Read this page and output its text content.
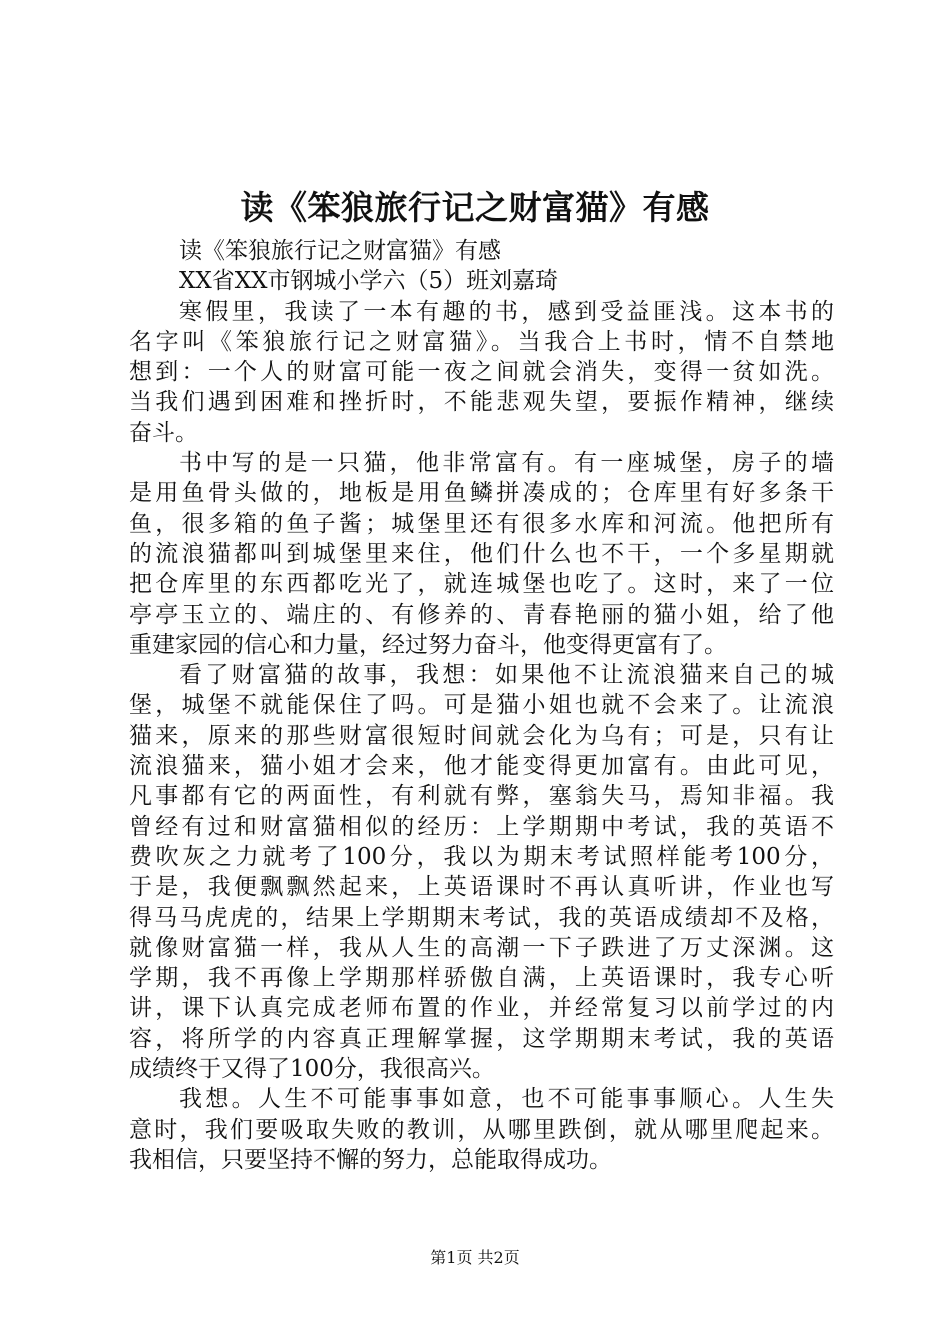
读《笨狼旅行记之财富猫》有感
读《笨狼旅行记之财富猫》有感
XX省XX市钢城小学六（5）班刘嘉琦
寒假里，我读了一本有趣的书，感到受益匪浅。这本书的
名字叫《笨狼旅行记之财富猫》。当我合上书时，情不自禁地
想到：一个人的财富可能一夜之间就会消失，变得一贫如洗。
当我们遇到困难和挫折时，不能悲观失望，要振作精神，继续
奋斗。
书中写的是一只猫，他非常富有。有一座城堡，房子的墙
是用鱼骨头做的，地板是用鱼鳞拼凑成的；仓库里有好多条干
鱼，很多箱的鱼子酱；城堡里还有很多水库和河流。他把所有
的流浪猫都叫到城堡里来住，他们什么也不干，一个多星期就
把仓库里的东西都吃光了，就连城堡也吃了。这时，来了一位
亭亭玉立的、端庄的、有修养的、青春艳丽的猫小姐，给了他
重建家园的信心和力量，经过努力奋斗，他变得更富有了。
看了财富猫的故事，我想：如果他不让流浪猫来自己的城
堡，城堡不就能保住了吗。可是猫小姐也就不会来了。让流浪
猫来，原来的那些财富很短时间就会化为乌有；可是，只有让
流浪猫来，猫小姐才会来，他才能变得更加富有。由此可见，
凡事都有它的两面性，有利就有弊，塞翁失马，焉知非福。我
曾经有过和财富猫相似的经历：上学期期中考试，我的英语不
费吹灰之力就考了100分，我以为期末考试照样能考100分，
于是，我便飘飘然起来，上英语课时不再认真听讲，作业也写
得马马虎虎的，结果上学期期末考试，我的英语成绩却不及格，
就像财富猫一样，我从人生的高潮一下子跌进了万丈深渊。这
学期，我不再像上学期那样骄傲自满，上英语课时，我专心听
讲，课下认真完成老师布置的作业，并经常复习以前学过的内
容，将所学的内容真正理解掌握，这学期期末考试，我的英语
成绩终于又得了100分，我很高兴。
我想。人生不可能事事如意，也不可能事事顺心。人生失
意时，我们要吸取失败的教训，从哪里跌倒，就从哪里爬起来。
我相信，只要坚持不懈的努力，总能取得成功。
第1页 共2页
